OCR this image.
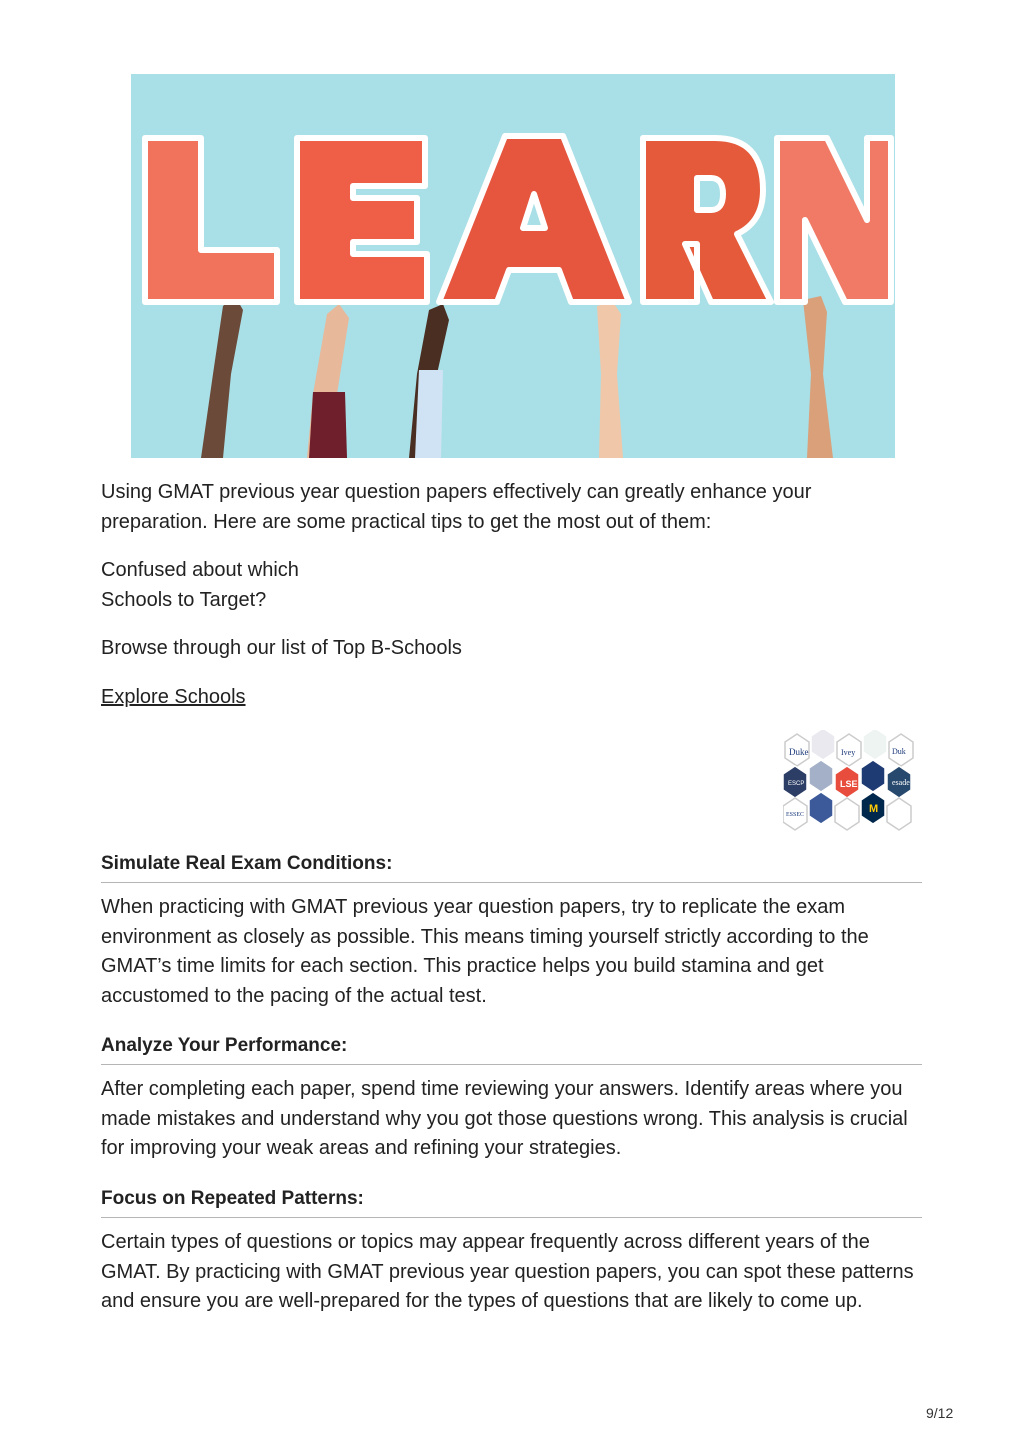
Using GMAT previous year question papers effectively can greatly enhance your preparation. Here are some practical tips to get the most out of them:

Confused about which
Schools to Target?

Browse through our list of Top B-Schools

Explore Schools

Duke	Ivey
LSE	esade
ESSEC	M
ESCP
Duk
Simulate Real Exam Conditions:

When practicing with GMAT previous year question papers, try to replicate the exam environment as closely as possible. This means timing yourself strictly according to the GMAT’s time limits for each section. This practice helps you build stamina and get accustomed to the pacing of the actual test.

Analyze Your Performance:

After completing each paper, spend time reviewing your answers. Identify areas where you made mistakes and understand why you got those questions wrong. This analysis is crucial for improving your weak areas and refining your strategies.

Focus on Repeated Patterns:

Certain types of questions or topics may appear frequently across different years of the GMAT. By practicing with GMAT previous year question papers, you can spot these patterns and ensure you are well-prepared for the types of questions that are likely to come up.

9/12
